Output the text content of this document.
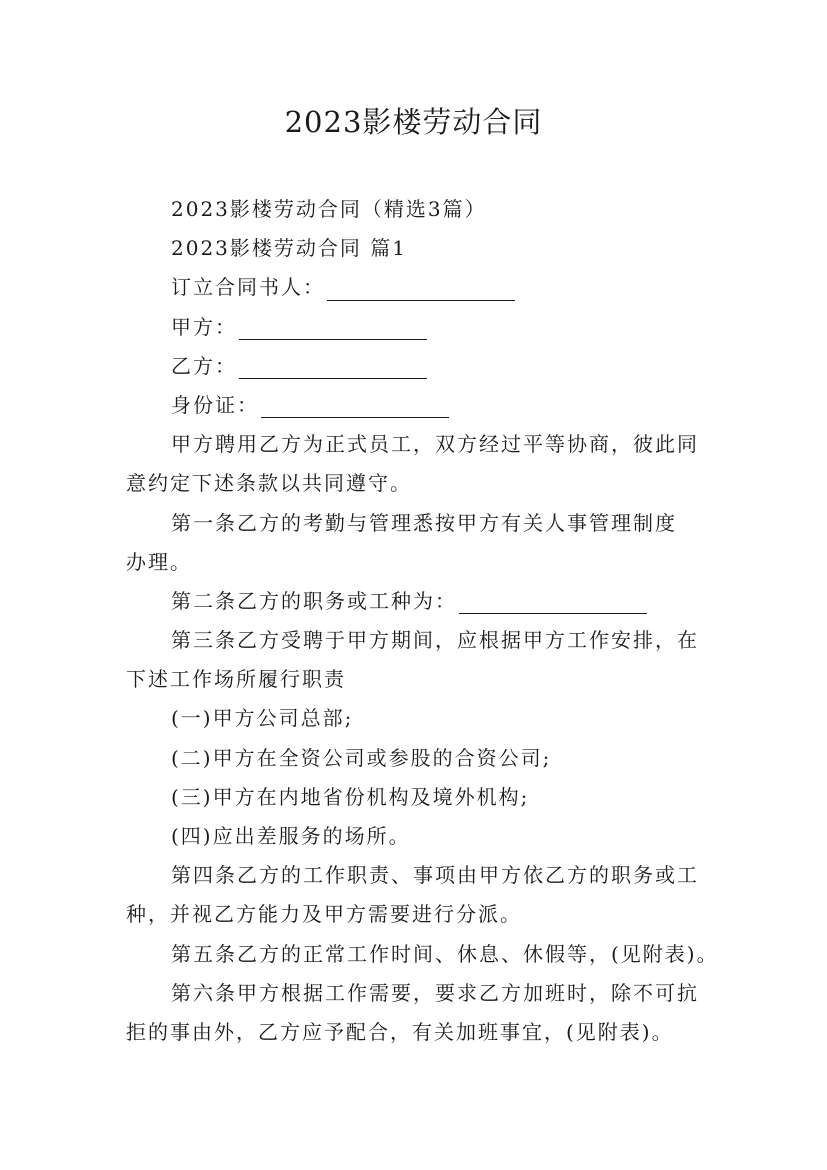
2023影楼劳动合同
2023影楼劳动合同（精选3篇）
2023影楼劳动合同 篇1
订立合同书人：
甲方：
乙方：
身份证：
甲方聘用乙方为正式员工，双方经过平等协商，彼此同
意约定下述条款以共同遵守。
第一条乙方的考勤与管理悉按甲方有关人事管理制度
办理。
第二条乙方的职务或工种为：
第三条乙方受聘于甲方期间，应根据甲方工作安排，在
下述工作场所履行职责
(一)甲方公司总部;
(二)甲方在全资公司或参股的合资公司;
(三)甲方在内地省份机构及境外机构;
(四)应出差服务的场所。
第四条乙方的工作职责、事项由甲方依乙方的职务或工
种，并视乙方能力及甲方需要进行分派。
第五条乙方的正常工作时间、休息、休假等，(见附表)。
第六条甲方根据工作需要，要求乙方加班时，除不可抗
拒的事由外，乙方应予配合，有关加班事宜，(见附表)。
